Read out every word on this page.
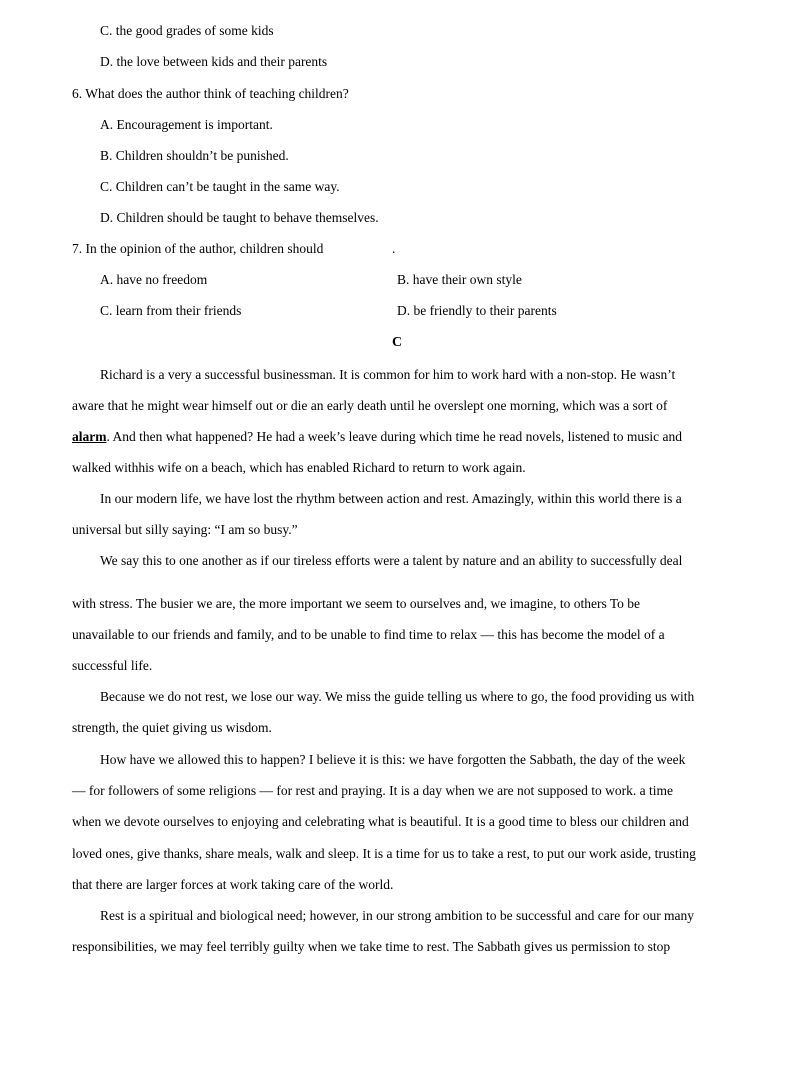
C. the good grades of some kids
D. the love between kids and their parents
6. What does the author think of teaching children?
A. Encouragement is important.
B. Children shouldn’t be punished.
C. Children can’t be taught in the same way.
D. Children should be taught to behave themselves.
7. In the opinion of the author, children should	.
A. have no freedom	B. have their own style
C. learn from their friends	D. be friendly to their parents
C
Richard is a very a successful businessman. It is common for him to work hard with a non-stop. He wasn’t
aware that he might wear himself out or die an early death until he overslept one morning, which was a sort of
alarm. And then what happened? He had a week’s leave during which time he read novels, listened to music and
walked withhis wife on a beach, which has enabled Richard to return to work again.
In our modern life, we have lost the rhythm between action and rest. Amazingly, within this world there is a
universal but silly saying: “I am so busy.”
We say this to one another as if our tireless efforts were a talent by nature and an ability to successfully deal
with stress. The busier we are, the more important we seem to ourselves and, we imagine, to others To be
unavailable to our friends and family, and to be unable to find time to relax — this has become the model of a
successful life.
Because we do not rest, we lose our way. We miss the guide telling us where to go, the food providing us with
strength, the quiet giving us wisdom.
How have we allowed this to happen? I believe it is this: we have forgotten the Sabbath, the day of the week
— for followers of some religions — for rest and praying. It is a day when we are not supposed to work. a time
when we devote ourselves to enjoying and celebrating what is beautiful. It is a good time to bless our children and
loved ones, give thanks, share meals, walk and sleep. It is a time for us to take a rest, to put our work aside, trusting
that there are larger forces at work taking care of the world.
Rest is a spiritual and biological need; however, in our strong ambition to be successful and care for our many
responsibilities, we may feel terribly guilty when we take time to rest. The Sabbath gives us permission to stop
